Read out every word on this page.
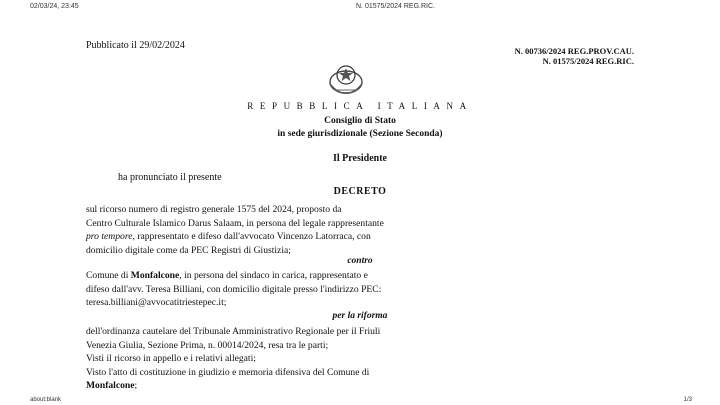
02/03/24, 23:45	N. 01575/2024 REG.RIC.
Pubblicato il 29/02/2024	N. 00736/2024 REG.PROV.CAU.
N. 01575/2024 REG.RIC.
REPUBBLICA ITALIANA
Consiglio di Stato
in sede giurisdizionale (Sezione Seconda)
Il Presidente
ha pronunciato il presente
DECRETO
sul ricorso numero di registro generale 1575 del 2024, proposto da
Centro Culturale Islamico Darus Salaam, in persona del legale rappresentante
pro tempore, rappresentato e difeso dall'avvocato Vincenzo Latorraca, con
domicilio digitale come da PEC Registri di Giustizia;
contro
Comune di Monfalcone, in persona del sindaco in carica, rappresentato e
difeso dall'avv. Teresa Billiani, con domicilio digitale presso l'indirizzo PEC:
teresa.billiani@avvocatitriestepec.it;
per la riforma
dell'ordinanza cautelare del Tribunale Amministrativo Regionale per il Friuli
Venezia Giulia, Sezione Prima, n. 00014/2024, resa tra le parti;
Visti il ricorso in appello e i relativi allegati;
Visto l'atto di costituzione in giudizio e memoria difensiva del Comune di
Monfalcone;
about:blank	1/3
